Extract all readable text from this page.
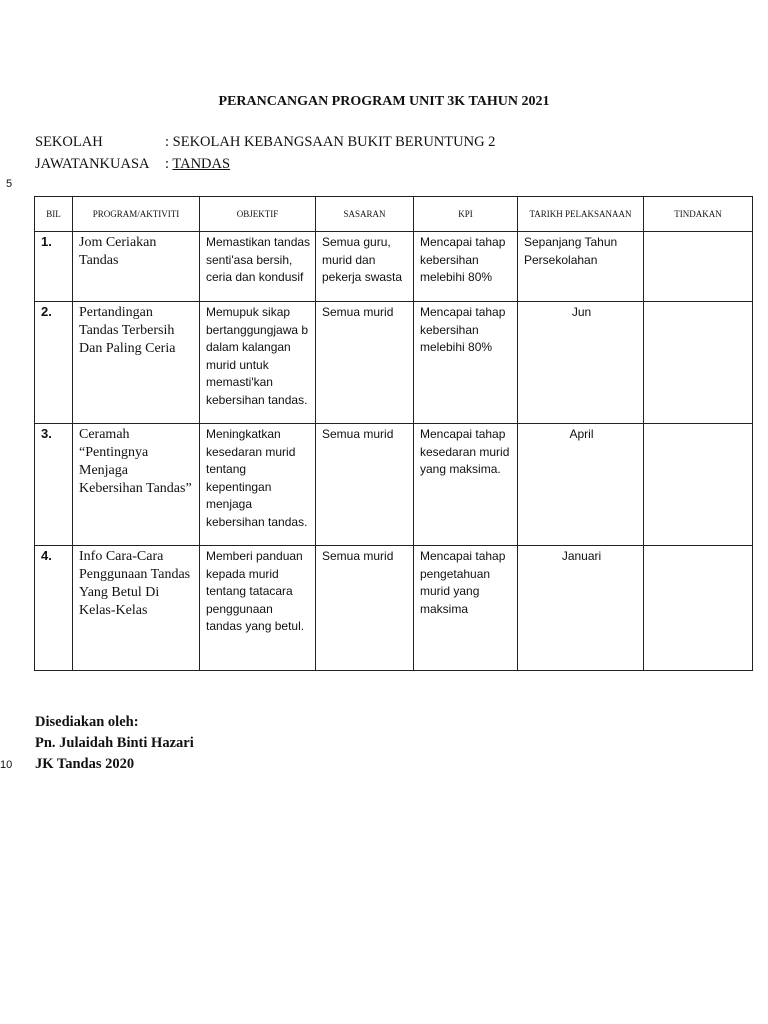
PERANCANGAN PROGRAM UNIT 3K TAHUN 2021
SEKOLAH	: SEKOLAH KEBANGSAAN BUKIT BERUNTUNG 2
JAWATANKUASA : TANDAS
5
BIL	PROGRAM/AKTIVITI	OBJEKTIF	SASARAN	KPI	TARIKH PELAKSANAAN	TINDAKAN
1.	Jom Ceriakan Tandas	Memastikan tandas senti'asa bersih, ceria dan kondusif	Semua guru, murid dan pekerja swasta	Mencapai tahap kebersihan melebihi 80%	Sepanjang Tahun Persekolahan	
2.	Pertandingan Tandas Terbersih Dan Paling Ceria	Memupuk sikap bertanggungjawa b dalam kalangan murid untuk memasti'kan kebersihan tandas.	Semua murid	Mencapai tahap kebersihan melebihi 80%	Jun	
3.	Ceramah “Pentingnya Menjaga Kebersihan Tandas”	Meningkatkan kesedaran murid tentang kepentingan menjaga kebersihan tandas.	Semua murid	Mencapai tahap kesedaran murid yang maksima.	April	
4.	Info Cara-Cara Penggunaan Tandas Yang Betul Di Kelas-Kelas	Memberi panduan kepada murid tentang tatacara penggunaan tandas yang betul.	Semua murid	Mencapai tahap pengetahuan murid yang maksima	Januari	
Disediakan oleh:
Pn. Julaidah Binti Hazari
10 JK Tandas 2020
